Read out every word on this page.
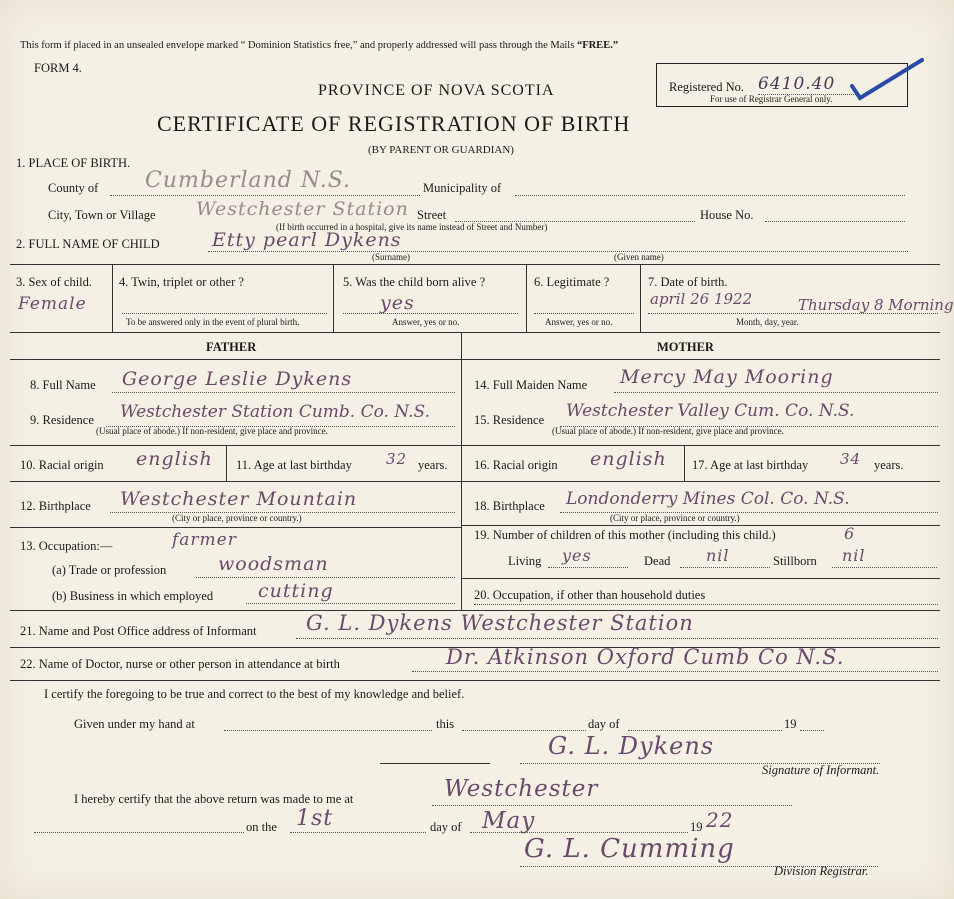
This form if placed in an unsealed envelope marked “ Dominion Statistics free,” and properly addressed will pass through the Mails “FREE.”
FORM 4.
Registered No. 6410.40
For use of Registrar General only.
PROVINCE OF NOVA SCOTIA
CERTIFICATE OF REGISTRATION OF BIRTH
(BY PARENT OR GUARDIAN)
1. PLACE OF BIRTH.
County of Cumberland N.S.	Municipality of
City, Town or Village Westchester Station Street	House No.
(If birth occurred in a hospital, give its name instead of Street and Number)
2. FULL NAME OF CHILD	Etty pearl Dykens
(Surname)	(Given name)
3. Sex of child.
Female
4. Twin, triplet or other ?
To be answered only in the event of plural birth.
5. Was the child born alive ?
yes
Answer, yes or no.
6. Legitimate ?
Answer, yes or no.
7. Date of birth.
april 26 1922	Thursday 8 Morning
Month, day, year.
FATHER	MOTHER
8. Full Name George Leslie Dykens
9. Residence Westchester Station Cumb. Co. N.S.
(Usual place of abode.) If non-resident, give place and province.
10. Racial origin english 11. Age at last birthday 32 years.
12. Birthplace Westchester Mountain
(City or place, province or country.)
13. Occupation:—	farmer
(a) Trade or profession	woodsman
(b) Business in which employed cutting
14. Full Maiden Name Mercy May Mooring
15. Residence Westchester Valley Cum. Co. N.S.
(Usual place of abode.) If non-resident, give place and province.
16. Racial origin english 17. Age at last birthday 34 years.
18. Birthplace Londonderry Mines Col. Co. N.S.
(City or place, province or country.)
19. Number of children of this mother (including this child.)	6
Living yes	Dead nil	Stillborn nil
20. Occupation, if other than household duties
21. Name and Post Office address of Informant G. L. Dykens Westchester Station
22. Name of Doctor, nurse or other person in attendance at birth	Dr. Atkinson Oxford Cumb Co N.S.
I certify the foregoing to be true and correct to the best of my knowledge and belief.
Given under my hand at	this	day of	19
G. L. Dykens
Signature of Informant.
I hereby certify that the above return was made to me at	Westchester
on the 1st	day of May	19 22
G. L. Cumming
Division Registrar.
